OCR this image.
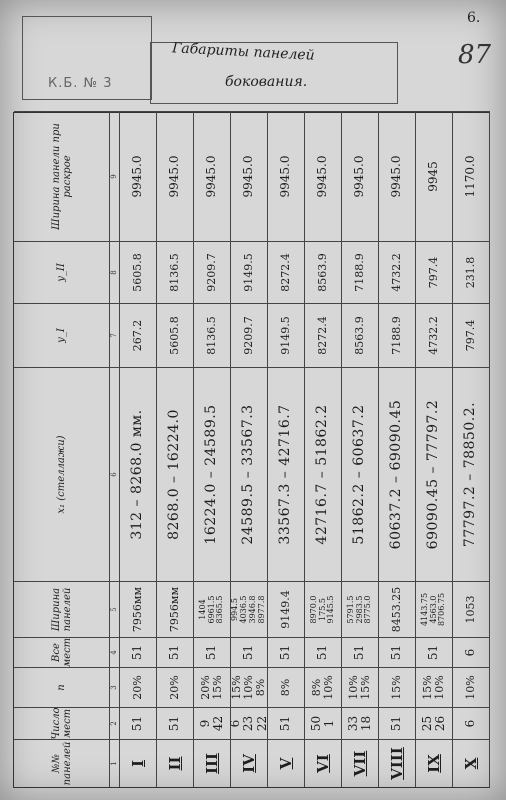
6.
К.Б. № 3
Габариты панелей
бокования.
87
№№ панелей
Число мест
n
Все мест
Ширина панелей
x₁ (стеллажи)
y_I
y_II
Ширина панели при раскрое
1
2
3
4
5
6
7
8
9
I
51
20%
51
7956мм
312 – 8268.0 мм.
267.2
5605.8
9945.0
II
51
20%
51
7956мм
8268.0 – 16224.0
5605.8
8136.5
9945.0
III
9
42
20%
15%
51
1404
6961.5
8365.5
16224.0 – 24589.5
8136.5
9209.7
9945.0
IV
6
23
22
15%
10%
8%
51
994.5
4036.5
3946.8
8977.8
24589.5 – 33567.3
9209.7
9149.5
9945.0
V
51
8%
51
9149.4
33567.3 – 42716.7
9149.5
8272.4
9945.0
VI
50
1
8%
10%
51
8970.0
175.5
9145.5
42716.7 – 51862.2
8272.4
8563.9
9945.0
VII
33
18
10%
15%
51
5791.5
2983.5
8775.0
51862.2 – 60637.2
8563.9
7188.9
9945.0
VIII
51
15%
51
8453.25
60637.2 – 69090.45
7188.9
4732.2
9945.0
IX
25
26
15%
10%
51
4143.75
4563.0
8706.75
69090.45 – 77797.2
4732.2
797.4
9945
X
6
10%
6
1053
77797.2 – 78850.2.
797.4
231.8
1170.0
